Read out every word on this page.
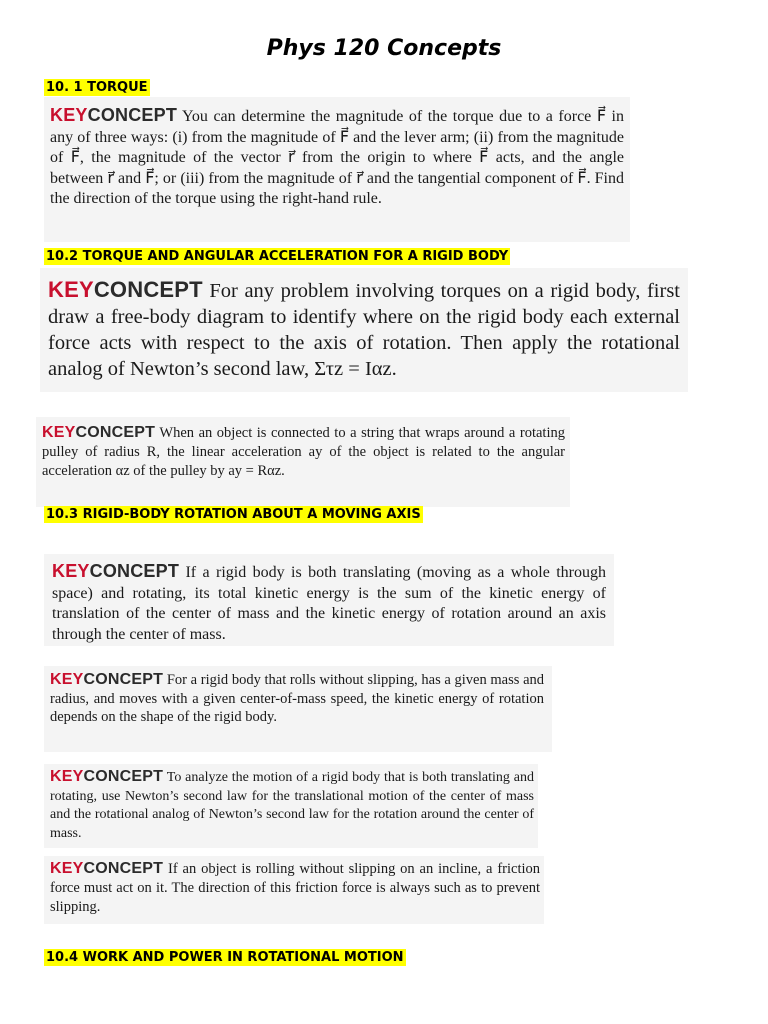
Phys 120 Concepts
10. 1 TORQUE

KEYCONCEPT You can determine the magnitude of the torque due to a force F⃗ in any of three ways: (i) from the magnitude of F⃗ and the lever arm; (ii) from the magnitude of F⃗, the magnitude of the vector r⃗ from the origin to where F⃗ acts, and the angle between r⃗ and F⃗; or (iii) from the magnitude of r⃗ and the tangential component of F⃗. Find the direction of the torque using the right-hand rule.

10.2 TORQUE AND ANGULAR ACCELERATION FOR A RIGID BODY

KEYCONCEPT For any problem involving torques on a rigid body, first draw a free-body diagram to identify where on the rigid body each external force acts with respect to the axis of rotation. Then apply the rotational analog of Newton’s second law, Στz = Iαz.

KEYCONCEPT When an object is connected to a string that wraps around a rotating pulley of radius R, the linear acceleration ay of the object is related to the angular acceleration αz of the pulley by ay = Rαz.

10.3 RIGID-BODY ROTATION ABOUT A MOVING AXIS

KEYCONCEPT If a rigid body is both translating (moving as a whole through space) and rotating, its total kinetic energy is the sum of the kinetic energy of translation of the center of mass and the kinetic energy of rotation around an axis through the center of mass.

KEYCONCEPT For a rigid body that rolls without slipping, has a given mass and radius, and moves with a given center-of-mass speed, the kinetic energy of rotation depends on the shape of the rigid body.

KEYCONCEPT To analyze the motion of a rigid body that is both translating and rotating, use Newton’s second law for the translational motion of the center of mass and the rotational analog of Newton’s second law for the rotation around the center of mass.

KEYCONCEPT If an object is rolling without slipping on an incline, a friction force must act on it. The direction of this friction force is always such as to prevent slipping.

10.4 WORK AND POWER IN ROTATIONAL MOTION
